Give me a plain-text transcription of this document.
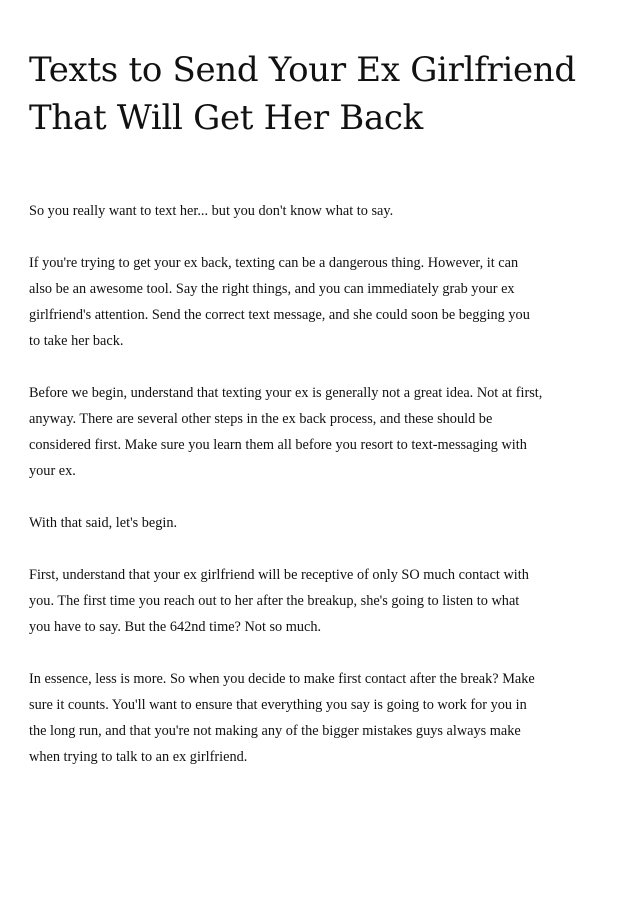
Texts to Send Your Ex Girlfriend
That Will Get Her Back

So you really want to text her... but you don't know what to say.

If you're trying to get your ex back, texting can be a dangerous thing. However, it can
also be an awesome tool. Say the right things, and you can immediately grab your ex
girlfriend's attention. Send the correct text message, and she could soon be begging you
to take her back.

Before we begin, understand that texting your ex is generally not a great idea. Not at first,
anyway. There are several other steps in the ex back process, and these should be
considered first. Make sure you learn them all before you resort to text-messaging with
your ex.

With that said, let's begin.

First, understand that your ex girlfriend will be receptive of only SO much contact with
you. The first time you reach out to her after the breakup, she's going to listen to what
you have to say. But the 642nd time? Not so much.

In essence, less is more. So when you decide to make first contact after the break? Make
sure it counts. You'll want to ensure that everything you say is going to work for you in
the long run, and that you're not making any of the bigger mistakes guys always make
when trying to talk to an ex girlfriend.
